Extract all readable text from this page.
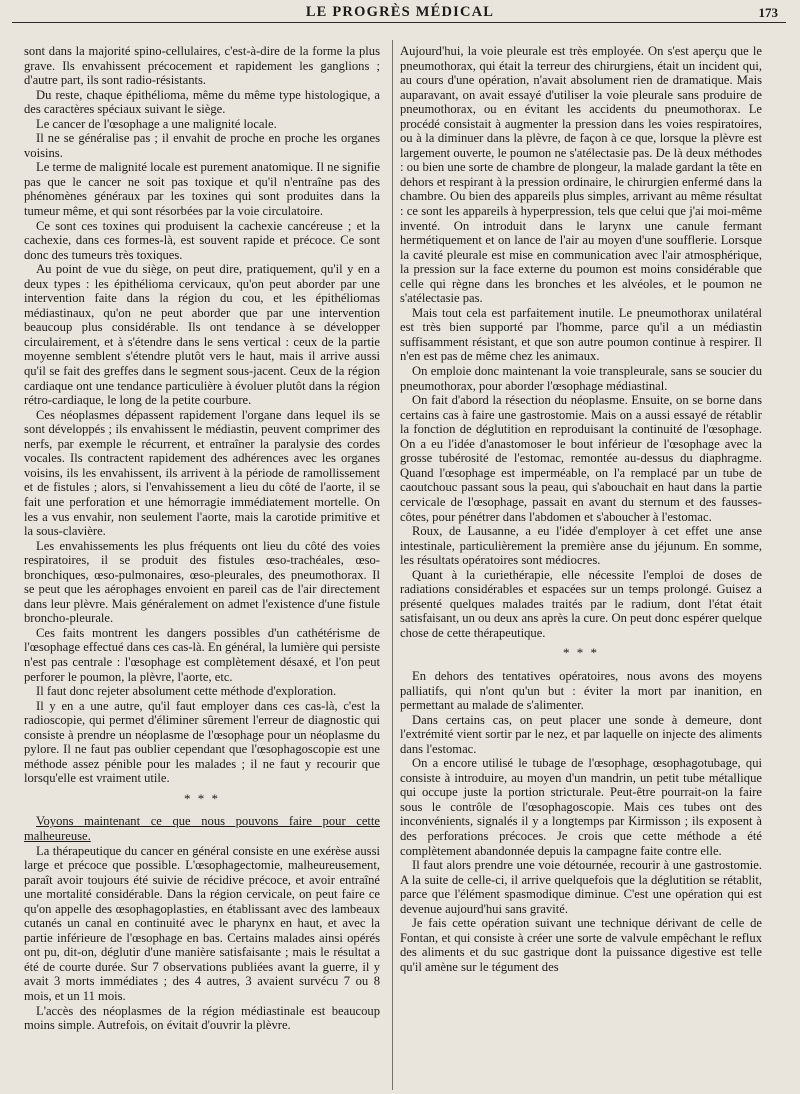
LE PROGRÈS MÉDICAL	173

sont dans la majorité spino-cellulaires, c'est-à-dire de la forme la plus grave. Ils envahissent précocement et rapidement les ganglions ; d'autre part, ils sont radio-résistants.

Du reste, chaque épithélioma, même du même type histologique, a des caractères spéciaux suivant le siège.

Le cancer de l'œsophage a une malignité locale.

Il ne se généralise pas ; il envahit de proche en proche les organes voisins.

Le terme de malignité locale est purement anatomique. Il ne signifie pas que le cancer ne soit pas toxique et qu'il n'entraîne pas des phénomènes généraux par les toxines qui sont produites dans la tumeur même, et qui sont résorbées par la voie circulatoire.

Ce sont ces toxines qui produisent la cachexie cancéreuse ; et la cachexie, dans ces formes-là, est souvent rapide et précoce. Ce sont donc des tumeurs très toxiques.

Au point de vue du siège, on peut dire, pratiquement, qu'il y en a deux types : les épithélioma cervicaux, qu'on peut aborder par une intervention faite dans la région du cou, et les épithéliomas médiastinaux, qu'on ne peut aborder que par une intervention beaucoup plus considérable. Ils ont tendance à se développer circulairement, et à s'étendre dans le sens vertical : ceux de la partie moyenne semblent s'étendre plutôt vers le haut, mais il arrive aussi qu'il se fait des greffes dans le segment sous-jacent. Ceux de la région cardiaque ont une tendance particulière à évoluer plutôt dans la région rétro-cardiaque, le long de la petite courbure.

Ces néoplasmes dépassent rapidement l'organe dans lequel ils se sont développés ; ils envahissent le médiastin, peuvent comprimer des nerfs, par exemple le récurrent, et entraîner la paralysie des cordes vocales. Ils contractent rapidement des adhérences avec les organes voisins, ils les envahissent, ils arrivent à la période de ramollissement et de fistules ; alors, si l'envahissement a lieu du côté de l'aorte, il se fait une perforation et une hémorragie immédiatement mortelle. On les a vus envahir, non seulement l'aorte, mais la carotide primitive et la sous-clavière.

Les envahissements les plus fréquents ont lieu du côté des voies respiratoires, il se produit des fistules œso-trachéales, œso-bronchiques, œso-pulmonaires, œso-pleurales, des pneumothorax. Il se peut que les aérophages envoient en pareil cas de l'air directement dans leur plèvre. Mais généralement on admet l'existence d'une fistule broncho-pleurale.

Ces faits montrent les dangers possibles d'un cathétérisme de l'œsophage effectué dans ces cas-là. En général, la lumière qui persiste n'est pas centrale : l'œsophage est complètement désaxé, et l'on peut perforer le poumon, la plèvre, l'aorte, etc.

Il faut donc rejeter absolument cette méthode d'exploration.

Il y en a une autre, qu'il faut employer dans ces cas-là, c'est la radioscopie, qui permet d'éliminer sûrement l'erreur de diagnostic qui consiste à prendre un néoplasme de l'œsophage pour un néoplasme du pylore. Il ne faut pas oublier cependant que l'œsophagoscopie est une méthode assez pénible pour les malades ; il ne faut y recourir que lorsqu'elle est vraiment utile.

* * *

Voyons maintenant ce que nous pouvons faire pour cette malheureuse.

La thérapeutique du cancer en général consiste en une exérèse aussi large et précoce que possible. L'œsophagectomie, malheureusement, paraît avoir toujours été suivie de récidive précoce, et avoir entraîné une mortalité considérable. Dans la région cervicale, on peut faire ce qu'on appelle des œsophagoplasties, en établissant avec des lambeaux cutanés un canal en continuité avec le pharynx en haut, et avec la partie inférieure de l'œsophage en bas. Certains malades ainsi opérés ont pu, dit-on, déglutir d'une manière satisfaisante ; mais le résultat a été de courte durée. Sur 7 observations publiées avant la guerre, il y avait 3 morts immédiates ; des 4 autres, 3 avaient survécu 7 ou 8 mois, et un 11 mois.

L'accès des néoplasmes de la région médiastinale est beaucoup moins simple. Autrefois, on évitait d'ouvrir la plèvre.

Aujourd'hui, la voie pleurale est très employée. On s'est aperçu que le pneumothorax, qui était la terreur des chirurgiens, était un incident qui, au cours d'une opération, n'avait absolument rien de dramatique. Mais auparavant, on avait essayé d'utiliser la voie pleurale sans produire de pneumothorax, ou en évitant les accidents du pneumothorax. Le procédé consistait à augmenter la pression dans les voies respiratoires, ou à la diminuer dans la plèvre, de façon à ce que, lorsque la plèvre est largement ouverte, le poumon ne s'atélectasie pas. De là deux méthodes : ou bien une sorte de chambre de plongeur, la malade gardant la tête en dehors et respirant à la pression ordinaire, le chirurgien enfermé dans la chambre. Ou bien des appareils plus simples, arrivant au même résultat : ce sont les appareils à hyperpression, tels que celui que j'ai moi-même inventé. On introduit dans le larynx une canule fermant hermétiquement et on lance de l'air au moyen d'une soufflerie. Lorsque la cavité pleurale est mise en communication avec l'air atmosphérique, la pression sur la face externe du poumon est moins considérable que celle qui règne dans les bronches et les alvéoles, et le poumon ne s'atélectasie pas.

Mais tout cela est parfaitement inutile. Le pneumothorax unilatéral est très bien supporté par l'homme, parce qu'il a un médiastin suffisamment résistant, et que son autre poumon continue à respirer. Il n'en est pas de même chez les animaux.

On emploie donc maintenant la voie transpleurale, sans se soucier du pneumothorax, pour aborder l'œsophage médiastinal.

On fait d'abord la résection du néoplasme. Ensuite, on se borne dans certains cas à faire une gastrostomie. Mais on a aussi essayé de rétablir la fonction de déglutition en reproduisant la continuité de l'œsophage. On a eu l'idée d'anastomoser le bout inférieur de l'œsophage avec la grosse tubérosité de l'estomac, remontée au-dessus du diaphragme. Quand l'œsophage est imperméable, on l'a remplacé par un tube de caoutchouc passant sous la peau, qui s'abouchait en haut dans la partie cervicale de l'œsophage, passait en avant du sternum et des fausses-côtes, pour pénétrer dans l'abdomen et s'aboucher à l'estomac.

Roux, de Lausanne, a eu l'idée d'employer à cet effet une anse intestinale, particulièrement la première anse du jéjunum. En somme, les résultats opératoires sont médiocres.

Quant à la curiethérapie, elle nécessite l'emploi de doses de radiations considérables et espacées sur un temps prolongé. Guisez a présenté quelques malades traités par le radium, dont l'état était satisfaisant, un ou deux ans après la cure. On peut donc espérer quelque chose de cette thérapeutique.

* * *

En dehors des tentatives opératoires, nous avons des moyens palliatifs, qui n'ont qu'un but : éviter la mort par inanition, en permettant au malade de s'alimenter.

Dans certains cas, on peut placer une sonde à demeure, dont l'extrémité vient sortir par le nez, et par laquelle on injecte des aliments dans l'estomac.

On a encore utilisé le tubage de l'œsophage, œsophagotubage, qui consiste à introduire, au moyen d'un mandrin, un petit tube métallique qui occupe juste la portion stricturale. Peut-être pourrait-on la faire sous le contrôle de l'œsophagoscopie. Mais ces tubes ont des inconvénients, signalés il y a longtemps par Kirmisson ; ils exposent à des perforations précoces. Je crois que cette méthode a été complètement abandonnée depuis la campagne faite contre elle.

Il faut alors prendre une voie détournée, recourir à une gastrostomie. A la suite de celle-ci, il arrive quelquefois que la déglutition se rétablit, parce que l'élément spasmodique diminue. C'est une opération qui est devenue aujourd'hui sans gravité.

Je fais cette opération suivant une technique dérivant de celle de Fontan, et qui consiste à créer une sorte de valvule empêchant le reflux des aliments et du suc gastrique dont la puissance digestive est telle qu'il amène sur le tégument des
